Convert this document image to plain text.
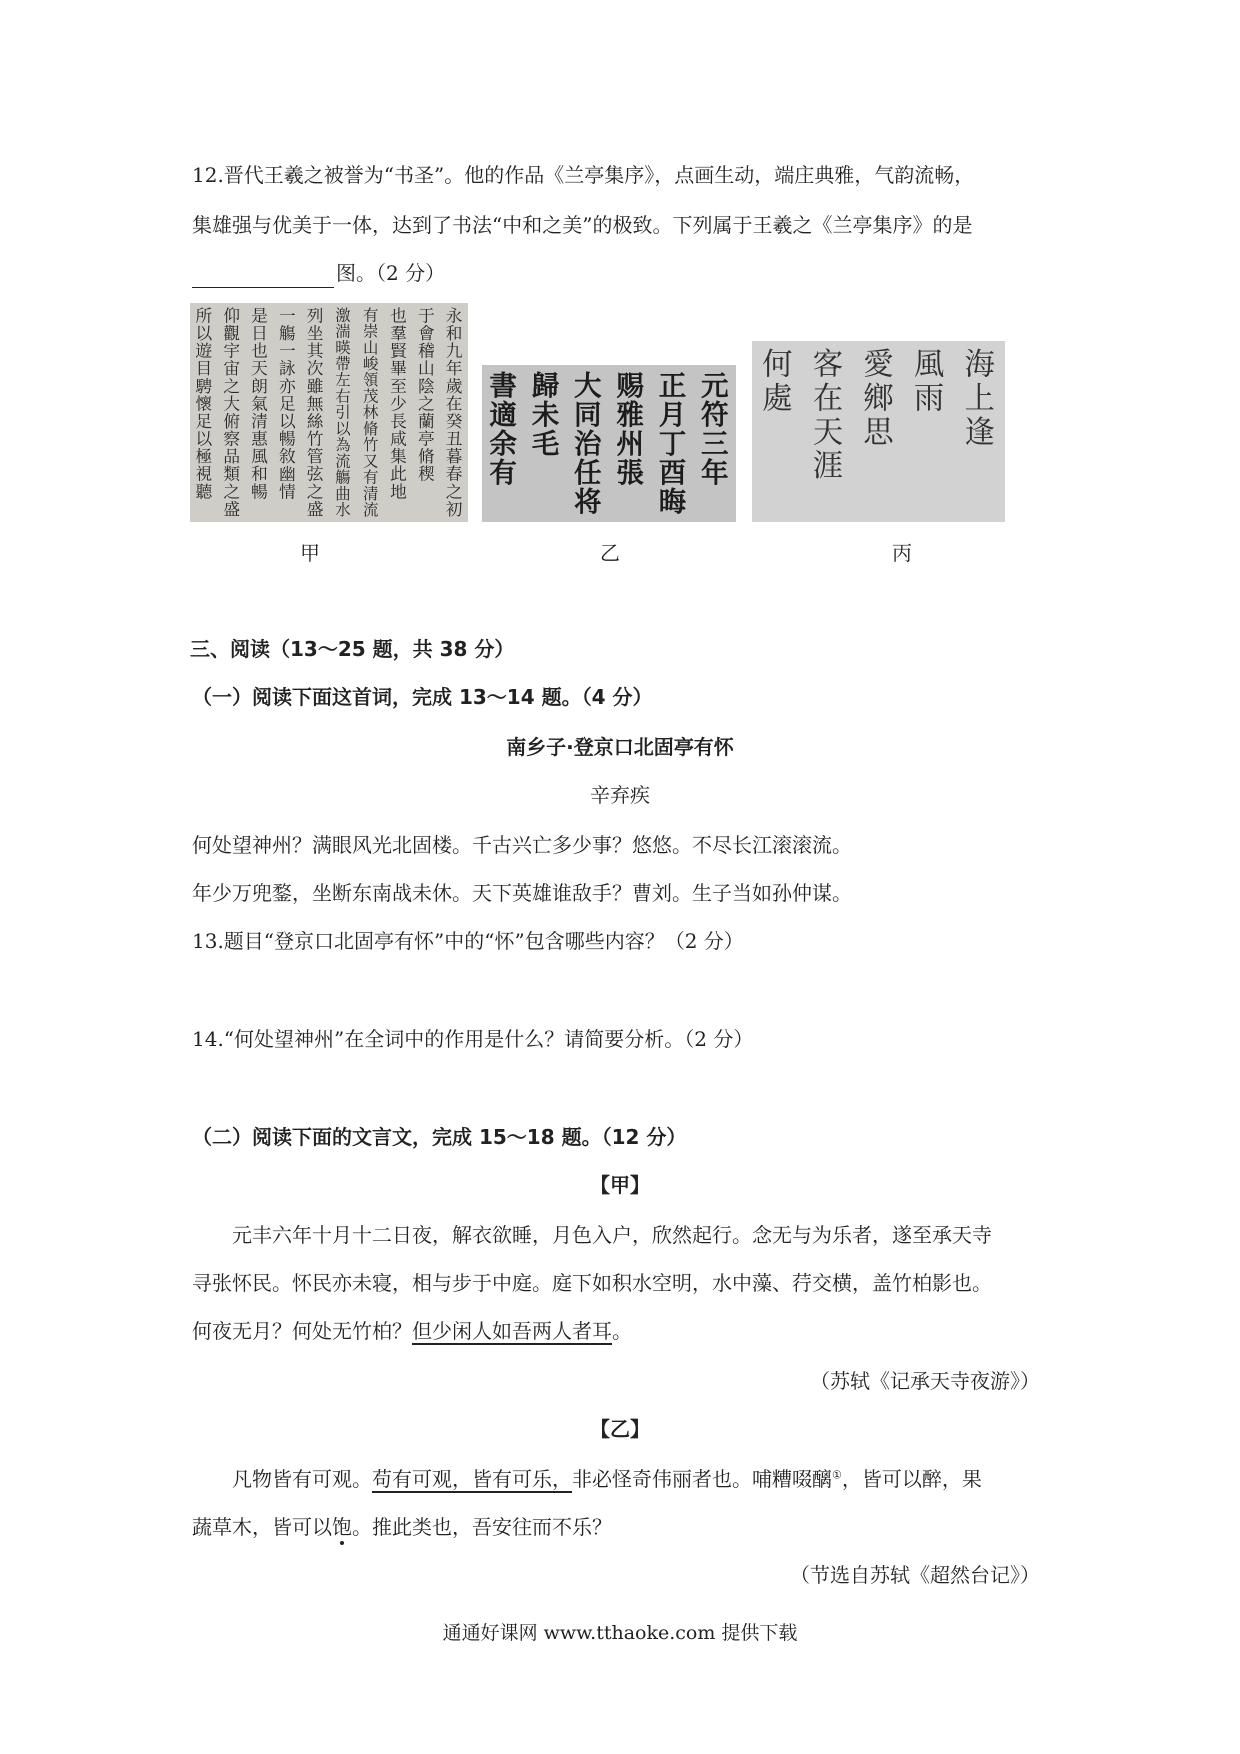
12.晋代王羲之被誉为“书圣”。他的作品《兰亭集序》，点画生动，端庄典雅，气韵流畅，
集雄强与优美于一体，达到了书法“中和之美”的极致。下列属于王羲之《兰亭集序》的是
图。（2 分）
永
和
九
年
歲
在
癸
丑
暮
春
之
初
于
會
稽
山
陰
之
蘭
亭
脩
稧
也
羣
賢
畢
至
少
長
咸
集
此
地
有
崇
山
峻
領
茂
林
脩
竹
又
有
清
流
激
湍
暎
帶
左
右
引
以
為
流
觴
曲
水
列
坐
其
次
雖
無
絲
竹
管
弦
之
盛
一
觴
一
詠
亦
足
以
暢
敘
幽
情
是
日
也
天
朗
氣
清
惠
風
和
暢
仰
觀
宇
宙
之
大
俯
察
品
類
之
盛
所
以
遊
目
騁
懷
足
以
極
視
聽
甲
元
符
三
年
正
月
丁
酉
晦
赐
雅
州
張
大
同
治
任
将
歸
未
毛
書
適
余
有
乙
海
上
逢
風
雨
愛
鄉
思
客
在
天
涯
何
處
丙
三、阅读（13～25 题，共 38 分）
（一）阅读下面这首词，完成 13～14 题。（4 分）
南乡子·登京口北固亭有怀
辛弃疾
何处望神州？满眼风光北固楼。千古兴亡多少事？悠悠。不尽长江滚滚流。
年少万兜鍪，坐断东南战未休。天下英雄谁敌手？曹刘。生子当如孙仲谋。
13.题目“登京口北固亭有怀”中的“怀”包含哪些内容？（2 分）
14.“何处望神州”在全词中的作用是什么？请简要分析。（2 分）
（二）阅读下面的文言文，完成 15～18 题。（12 分）
【甲】
元丰六年十月十二日夜，解衣欲睡，月色入户，欣然起行。念无与为乐者，遂至承天寺
寻张怀民。怀民亦未寝，相与步于中庭。庭下如积水空明，水中藻、荇交横，盖竹柏影也。
何夜无月？何处无竹柏？但少闲人如吾两人者耳。
（苏轼《记承天寺夜游》）
【乙】
凡物皆有可观。苟有可观，皆有可乐，非必怪奇伟丽者也。哺糟啜醨①，皆可以醉，果
蔬草木，皆可以饱。推此类也，吾安往而不乐？
（节选自苏轼《超然台记》）
通通好课网 www.tthaoke.com 提供下载
